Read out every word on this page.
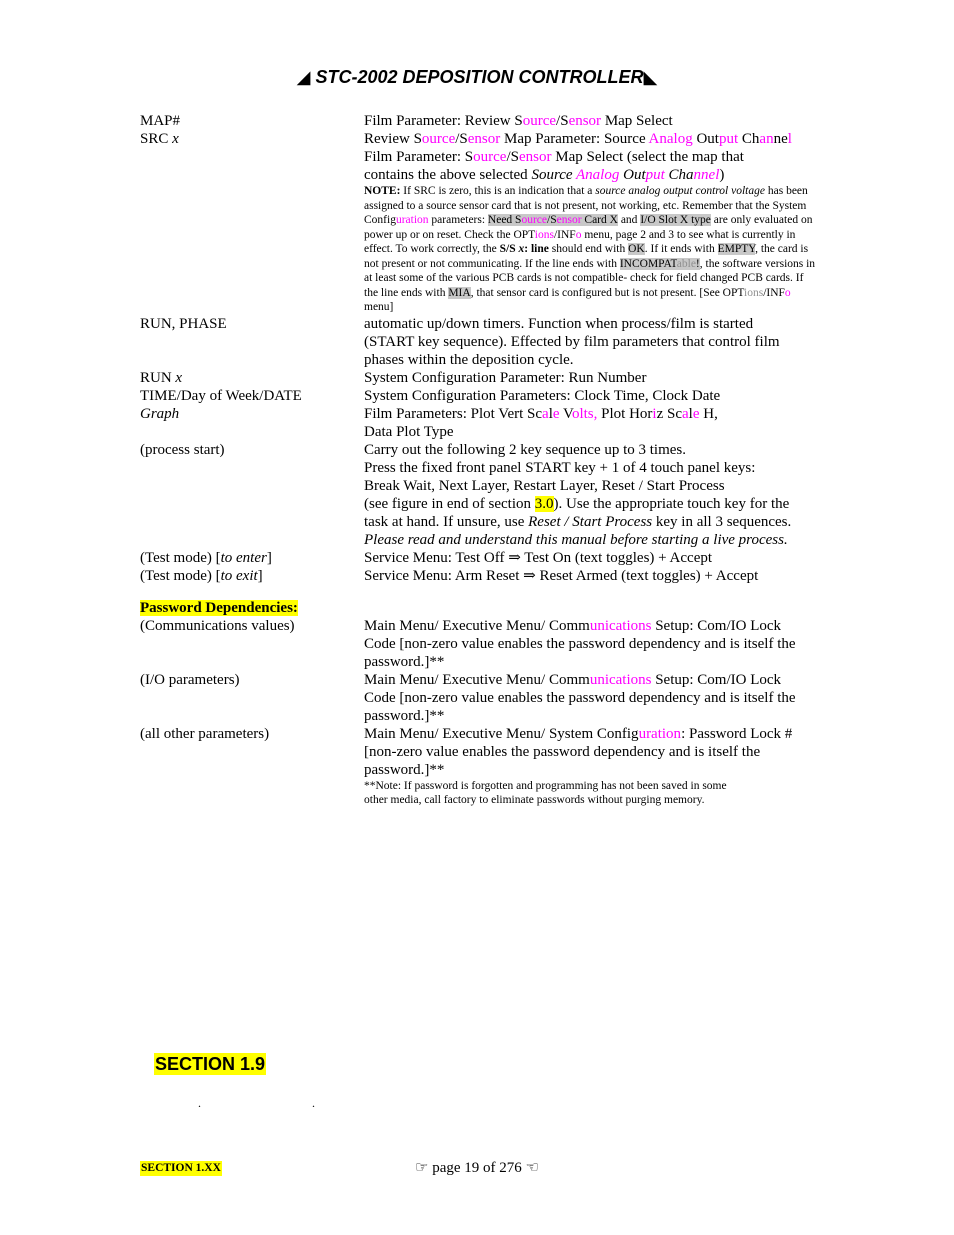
◢ STC-2002 DEPOSITION CONTROLLER◣
MAP#	Film Parameter: Review Source/Sensor Map Select
SRC x	Review Source/Sensor Map Parameter: Source Analog Output Channel
Film Parameter: Source/Sensor Map Select (select the map that
contains the above selected Source Analog Output Channel)
NOTE: If SRC is zero, this is an indication that a source analog output control voltage has been assigned to a source sensor card that is not present, not working, etc. Remember that the System Configuration parameters: Need Source/Sensor Card X and I/O Slot X type are only evaluated on power up or on reset. Check the OPTions/INFo menu, page 2 and 3 to see what is currently in effect. To work correctly, the S/S x: line should end with OK. If it ends with EMPTY, the card is not present or not communicating. If the line ends with INCOMPATable!, the software versions in at least some of the various PCB cards is not compatible- check for field changed PCB cards. If the line ends with MIA, that sensor card is configured but is not present. [See OPTions/INFo menu]
RUN, PHASE	automatic up/down timers. Function when process/film is started
(START key sequence). Effected by film parameters that control film
phases within the deposition cycle.
RUN x	System Configuration Parameter: Run Number
TIME/Day of Week/DATE	System Configuration Parameters: Clock Time, Clock Date
Graph	Film Parameters: Plot Vert Scale Volts, Plot Horiz Scale H,
Data Plot Type
(process start)	Carry out the following 2 key sequence up to 3 times.
Press the fixed front panel START key + 1 of 4 touch panel keys:
Break Wait, Next Layer, Restart Layer, Reset / Start Process
(see figure in end of section 3.0). Use the appropriate touch key for the
task at hand. If unsure, use Reset / Start Process key in all 3 sequences.
Please read and understand this manual before starting a live process.
(Test mode) [to enter]	Service Menu: Test Off ⇒ Test On (text toggles) + Accept
(Test mode) [to exit]	Service Menu: Arm Reset ⇒ Reset Armed (text toggles) + Accept
Password Dependencies:
(Communications values)	Main Menu/ Executive Menu/ Communications Setup: Com/IO Lock
Code [non-zero value enables the password dependency and is itself the
password.]**
(I/O parameters)	Main Menu/ Executive Menu/ Communications Setup: Com/IO Lock
Code [non-zero value enables the password dependency and is itself the
password.]**
(all other parameters)	Main Menu/ Executive Menu/ System Configuration: Password Lock #
[non-zero value enables the password dependency and is itself the
password.]**
**Note: If password is forgotten and programming has not been saved in some
other media, call factory to eliminate passwords without purging memory.
SECTION 1.9
.	.
SECTION 1.XX	☞ page 19 of 276 ☜
